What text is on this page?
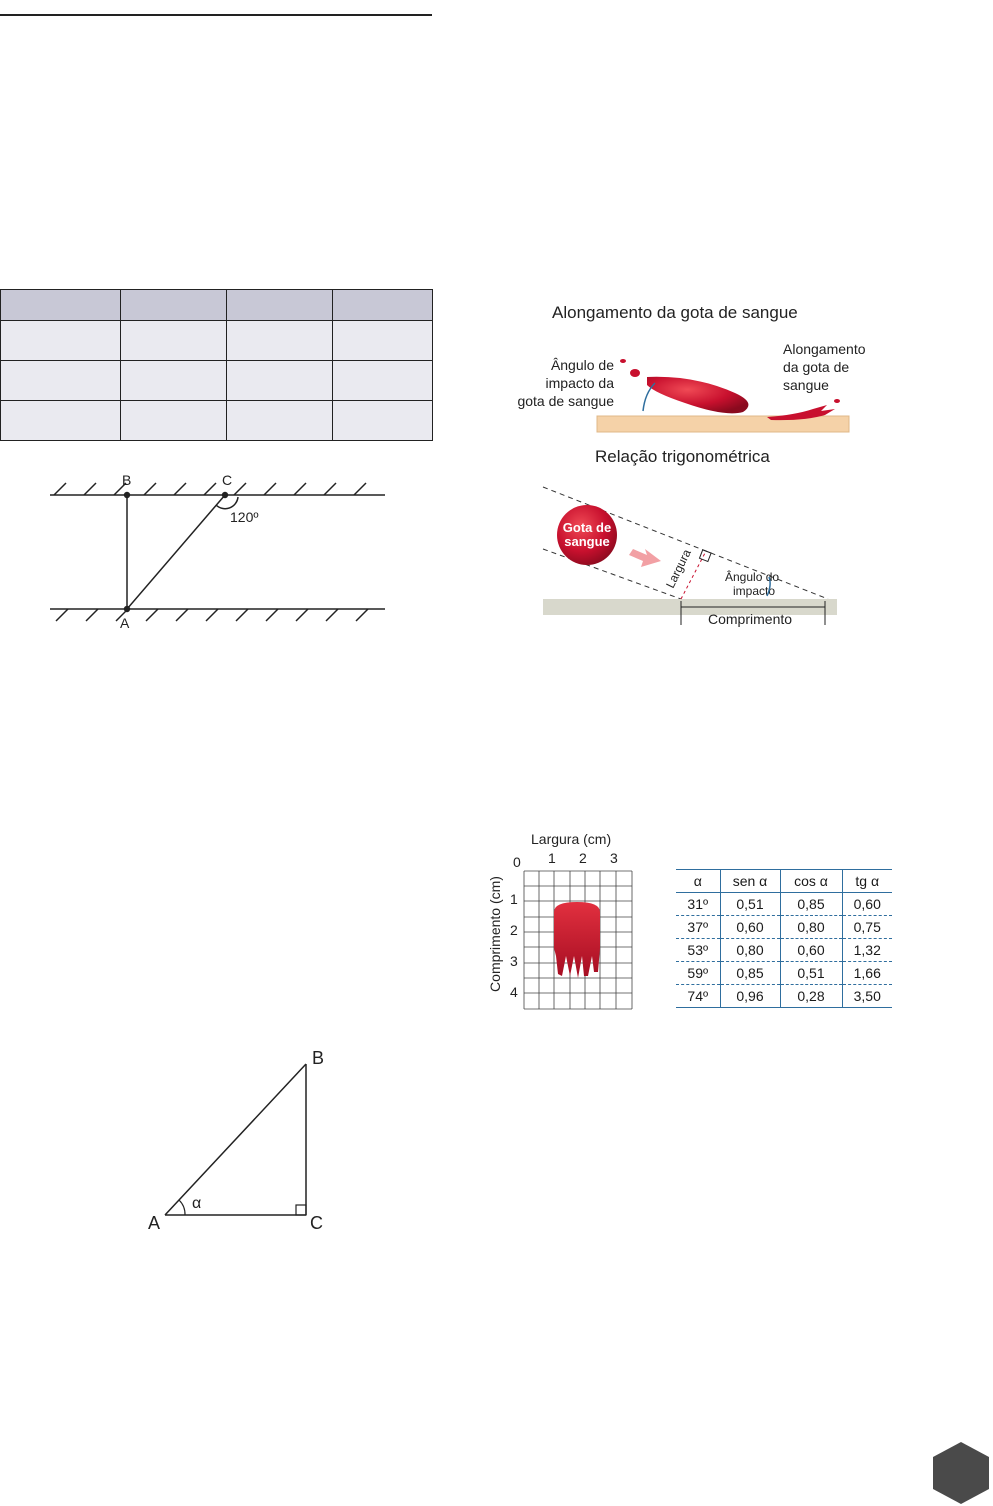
B	C
A
120º
Alongamento da gota de sangue
Ângulo de
impacto da
gota de sangue
Alongamento
da gota de
sangue
Relação trigonométrica
Gota de
sangue
Largura	Ângulo do
impacto
Comprimento
Largura (cm)
0 1 2 3
Comprimento (cm) 1
2
3
4
α	sen α	cos α	tg α
31º	0,51	0,85	0,60
37º	0,60	0,80	0,75
53º	0,80	0,60	1,32
59º	0,85	0,51	1,66
74º	0,96	0,28	3,50
A
B
C
α
